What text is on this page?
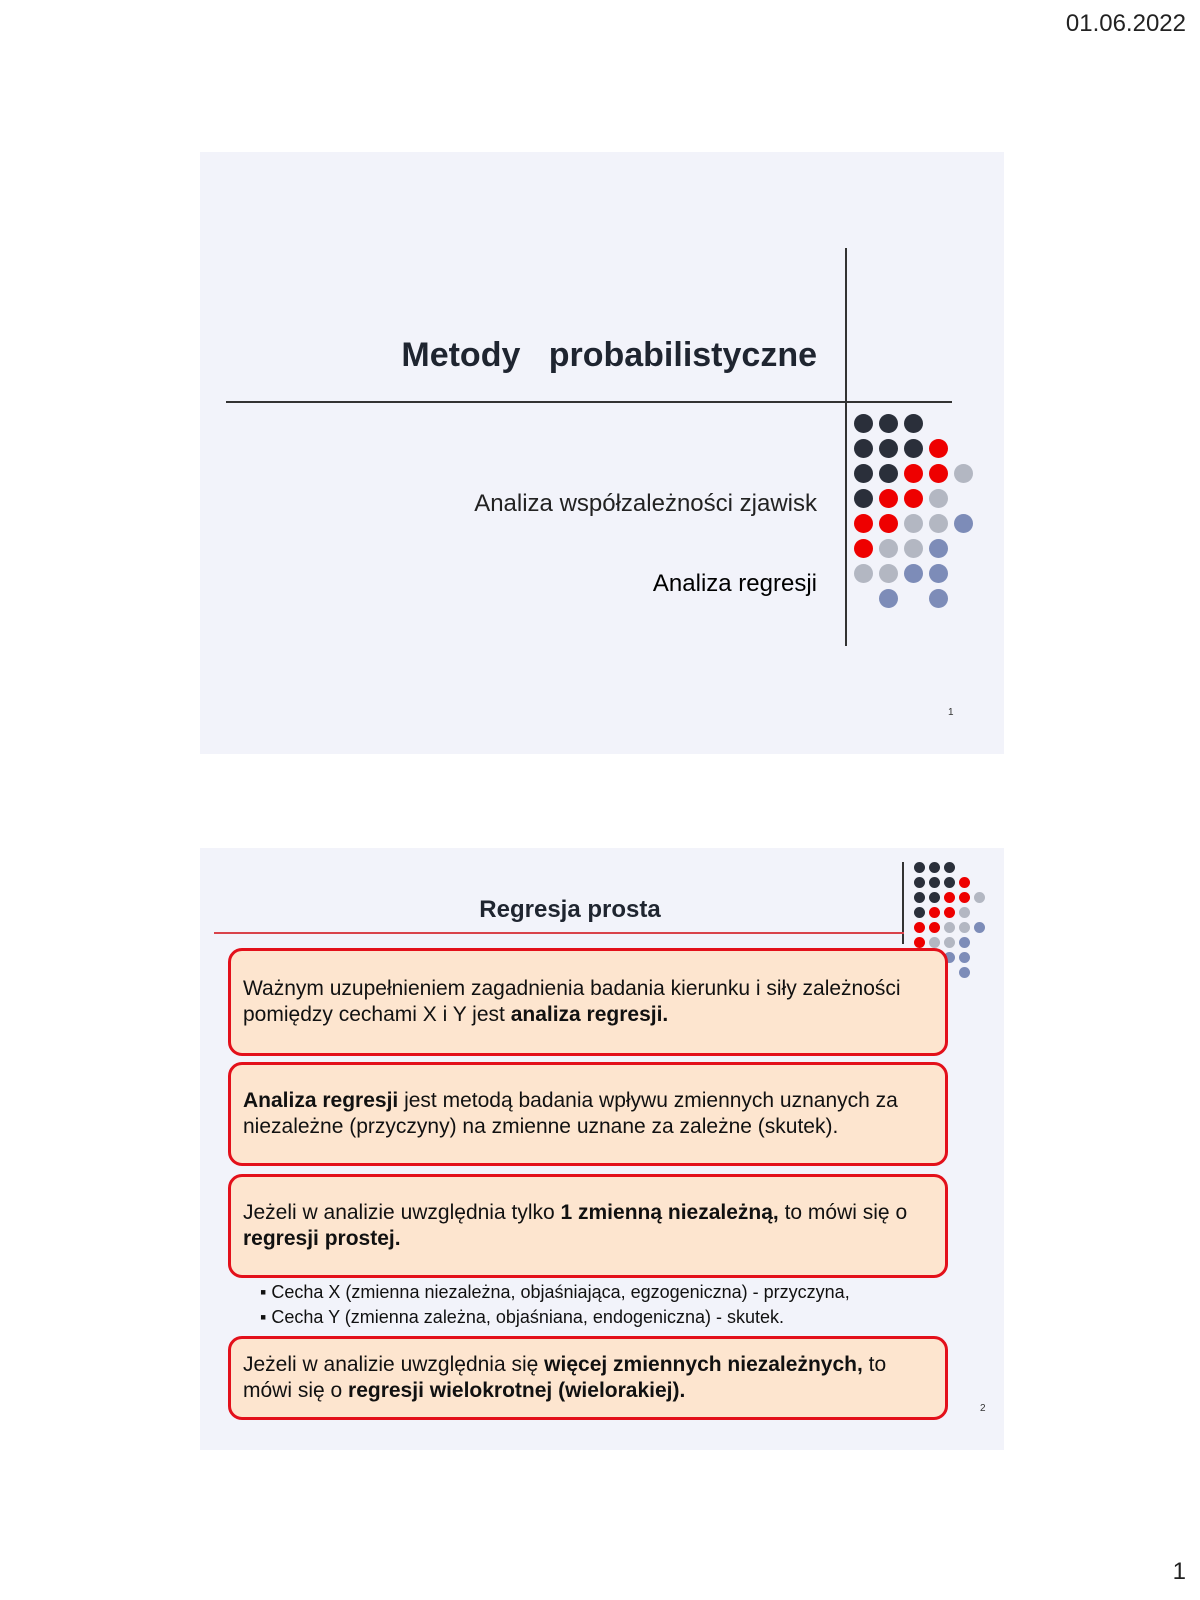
01.06.2022
Metody   probabilistyczne
Analiza współzależności zjawisk
Analiza regresji
1
Regresja prosta
Ważnym uzupełnieniem zagadnienia badania kierunku i siły zależności pomiędzy cechami X i Y jest analiza regresji.
Analiza regresji jest metodą badania wpływu zmiennych uznanych za niezależne (przyczyny) na zmienne uznane za zależne (skutek).
Jeżeli w analizie uwzględnia tylko 1 zmienną niezależną, to mówi się o regresji prostej.
▪ Cecha X (zmienna niezależna, objaśniająca, egzogeniczna) - przyczyna,
▪ Cecha Y (zmienna zależna, objaśniana, endogeniczna) - skutek.
Jeżeli w analizie uwzględnia się więcej zmiennych niezależnych, to mówi się o regresji wielokrotnej (wielorakiej).
2
1
